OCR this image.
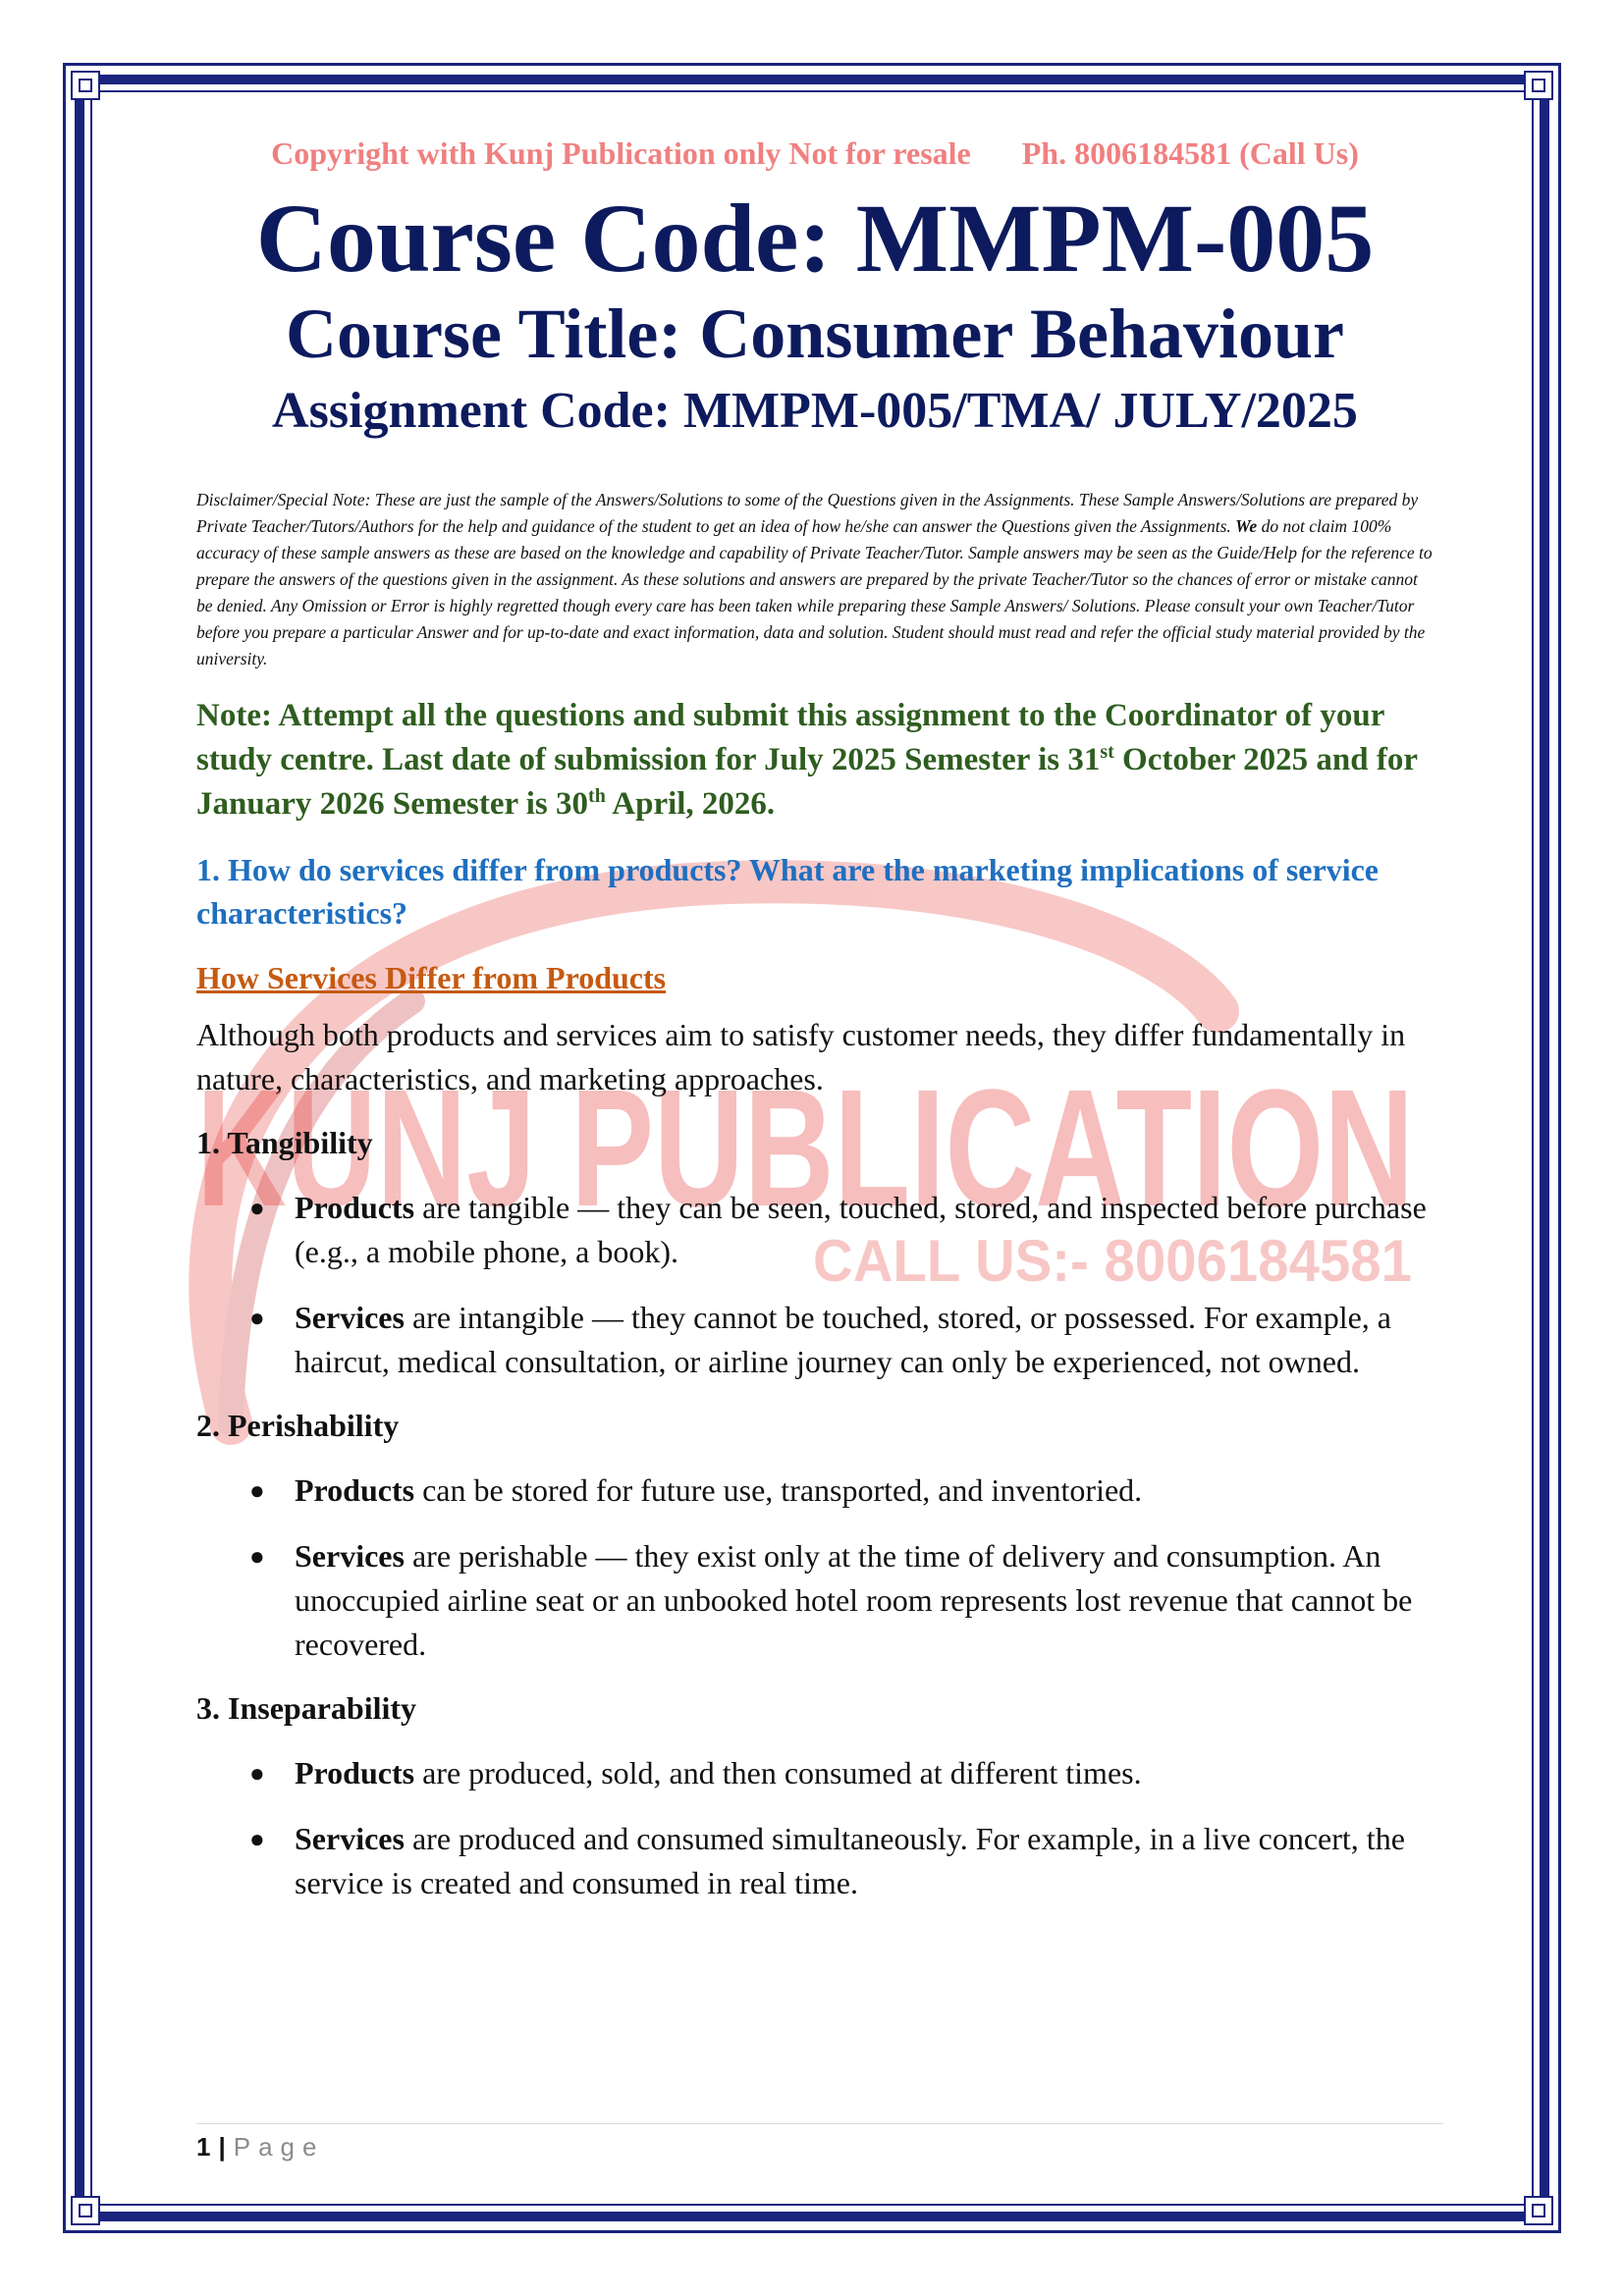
KUNJ PUBLICATION
CALL US:- 8006184581

Copyright with Kunj Publication only Not for resale Ph. 8006184581 (Call Us)

Course Code: MMPM-005
Course Title: Consumer Behaviour
Assignment Code: MMPM-005/TMA/ JULY/2025

Disclaimer/Special Note: These are just the sample of the Answers/Solutions to some of the Questions given in the Assignments. These Sample Answers/Solutions are prepared by Private Teacher/Tutors/Authors for the help and guidance of the student to get an idea of how he/she can answer the Questions given the Assignments. We do not claim 100% accuracy of these sample answers as these are based on the knowledge and capability of Private Teacher/Tutor. Sample answers may be seen as the Guide/Help for the reference to prepare the answers of the questions given in the assignment. As these solutions and answers are prepared by the private Teacher/Tutor so the chances of error or mistake cannot be denied. Any Omission or Error is highly regretted though every care has been taken while preparing these Sample Answers/ Solutions. Please consult your own Teacher/Tutor before you prepare a particular Answer and for up-to-date and exact information, data and solution. Student should must read and refer the official study material provided by the university.

Note: Attempt all the questions and submit this assignment to the Coordinator of your study centre. Last date of submission for July 2025 Semester is 31st October 2025 and for January 2026 Semester is 30th April, 2026.

1. How do services differ from products? What are the marketing implications of service characteristics?

How Services Differ from Products

Although both products and services aim to satisfy customer needs, they differ fundamentally in nature, characteristics, and marketing approaches.

1. Tangibility

● Products are tangible — they can be seen, touched, stored, and inspected before purchase (e.g., a mobile phone, a book).
● Services are intangible — they cannot be touched, stored, or possessed. For example, a haircut, medical consultation, or airline journey can only be experienced, not owned.

2. Perishability

● Products can be stored for future use, transported, and inventoried.
● Services are perishable — they exist only at the time of delivery and consumption. An unoccupied airline seat or an unbooked hotel room represents lost revenue that cannot be recovered.

3. Inseparability

● Products are produced, sold, and then consumed at different times.
● Services are produced and consumed simultaneously. For example, in a live concert, the service is created and consumed in real time.
1 | Page
